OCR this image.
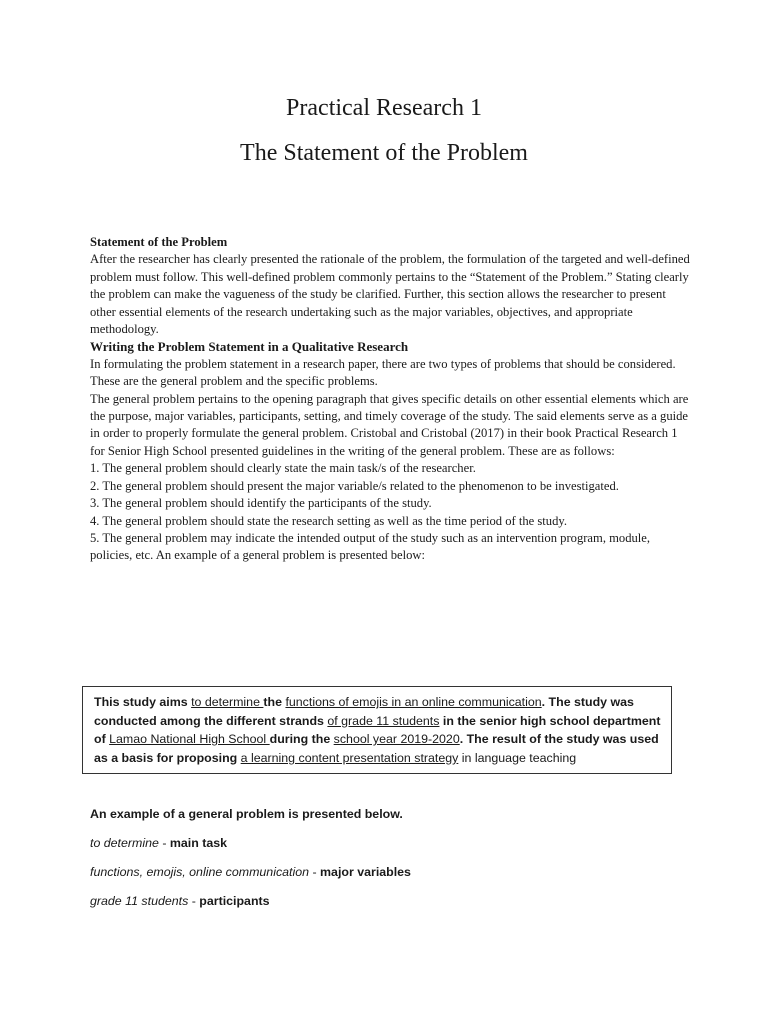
Practical Research 1
The Statement of the Problem

Statement of the Problem

After the researcher has clearly presented the rationale of the problem, the formulation of the targeted and well-defined problem must follow. This well-defined problem commonly pertains to the “Statement of the Problem.” Stating clearly the problem can make the vagueness of the study be clarified. Further, this section allows the researcher to present other essential elements of the research undertaking such as the major variables, objectives, and appropriate methodology.

Writing the Problem Statement in a Qualitative Research

In formulating the problem statement in a research paper, there are two types of problems that should be considered. These are the general problem and the specific problems.

The general problem pertains to the opening paragraph that gives specific details on other essential elements which are the purpose, major variables, participants, setting, and timely coverage of the study. The said elements serve as a guide in order to properly formulate the general problem. Cristobal and Cristobal (2017) in their book Practical Research 1 for Senior High School presented guidelines in the writing of the general problem. These are as follows:

1. The general problem should clearly state the main task/s of the researcher.

2. The general problem should present the major variable/s related to the phenomenon to be investigated.

3. The general problem should identify the participants of the study.

4. The general problem should state the research setting as well as the time period of the study.

5. The general problem may indicate the intended output of the study such as an intervention program, module, policies, etc. An example of a general problem is presented below:

This study aims to determine the functions of emojis in an online communication. The study was conducted among the different strands of grade 11 students in the senior high school department of Lamao National High School during the school year 2019-2020. The result of the study was used as a basis for proposing a learning content presentation strategy in language teaching

An example of a general problem is presented below.

to determine - main task

functions, emojis, online communication - major variables

grade 11 students - participants
